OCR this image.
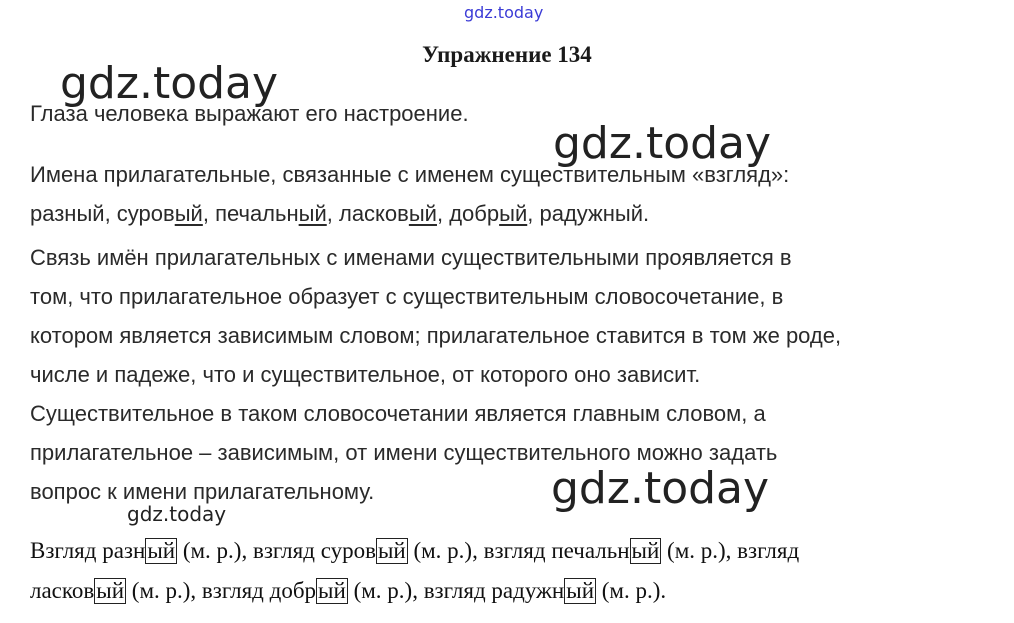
gdz.today
Упражнение 134
gdz.today
Глаза человека выражают его настроение.
gdz.today
Имена прилагательные, связанные с именем существительным «взгляд»:
разный, суровый, печальный, ласковый, добрый, радужный.
Связь имён прилагательных с именами существительными проявляется в
том, что прилагательное образует с существительным словосочетание, в
котором является зависимым словом; прилагательное ставится в том же роде,
числе и падеже, что и существительное, от которого оно зависит.
Существительное в таком словосочетании является главным словом, а
прилагательное – зависимым, от имени существительного можно задать
вопрос к имени прилагательному.	gdz.today
gdz.today
Взгляд разный (м. р.), взгляд суровый (м. р.), взгляд печальный (м. р.), взгляд
ласковый (м. р.), взгляд добрый (м. р.), взгляд радужный (м. р.).
